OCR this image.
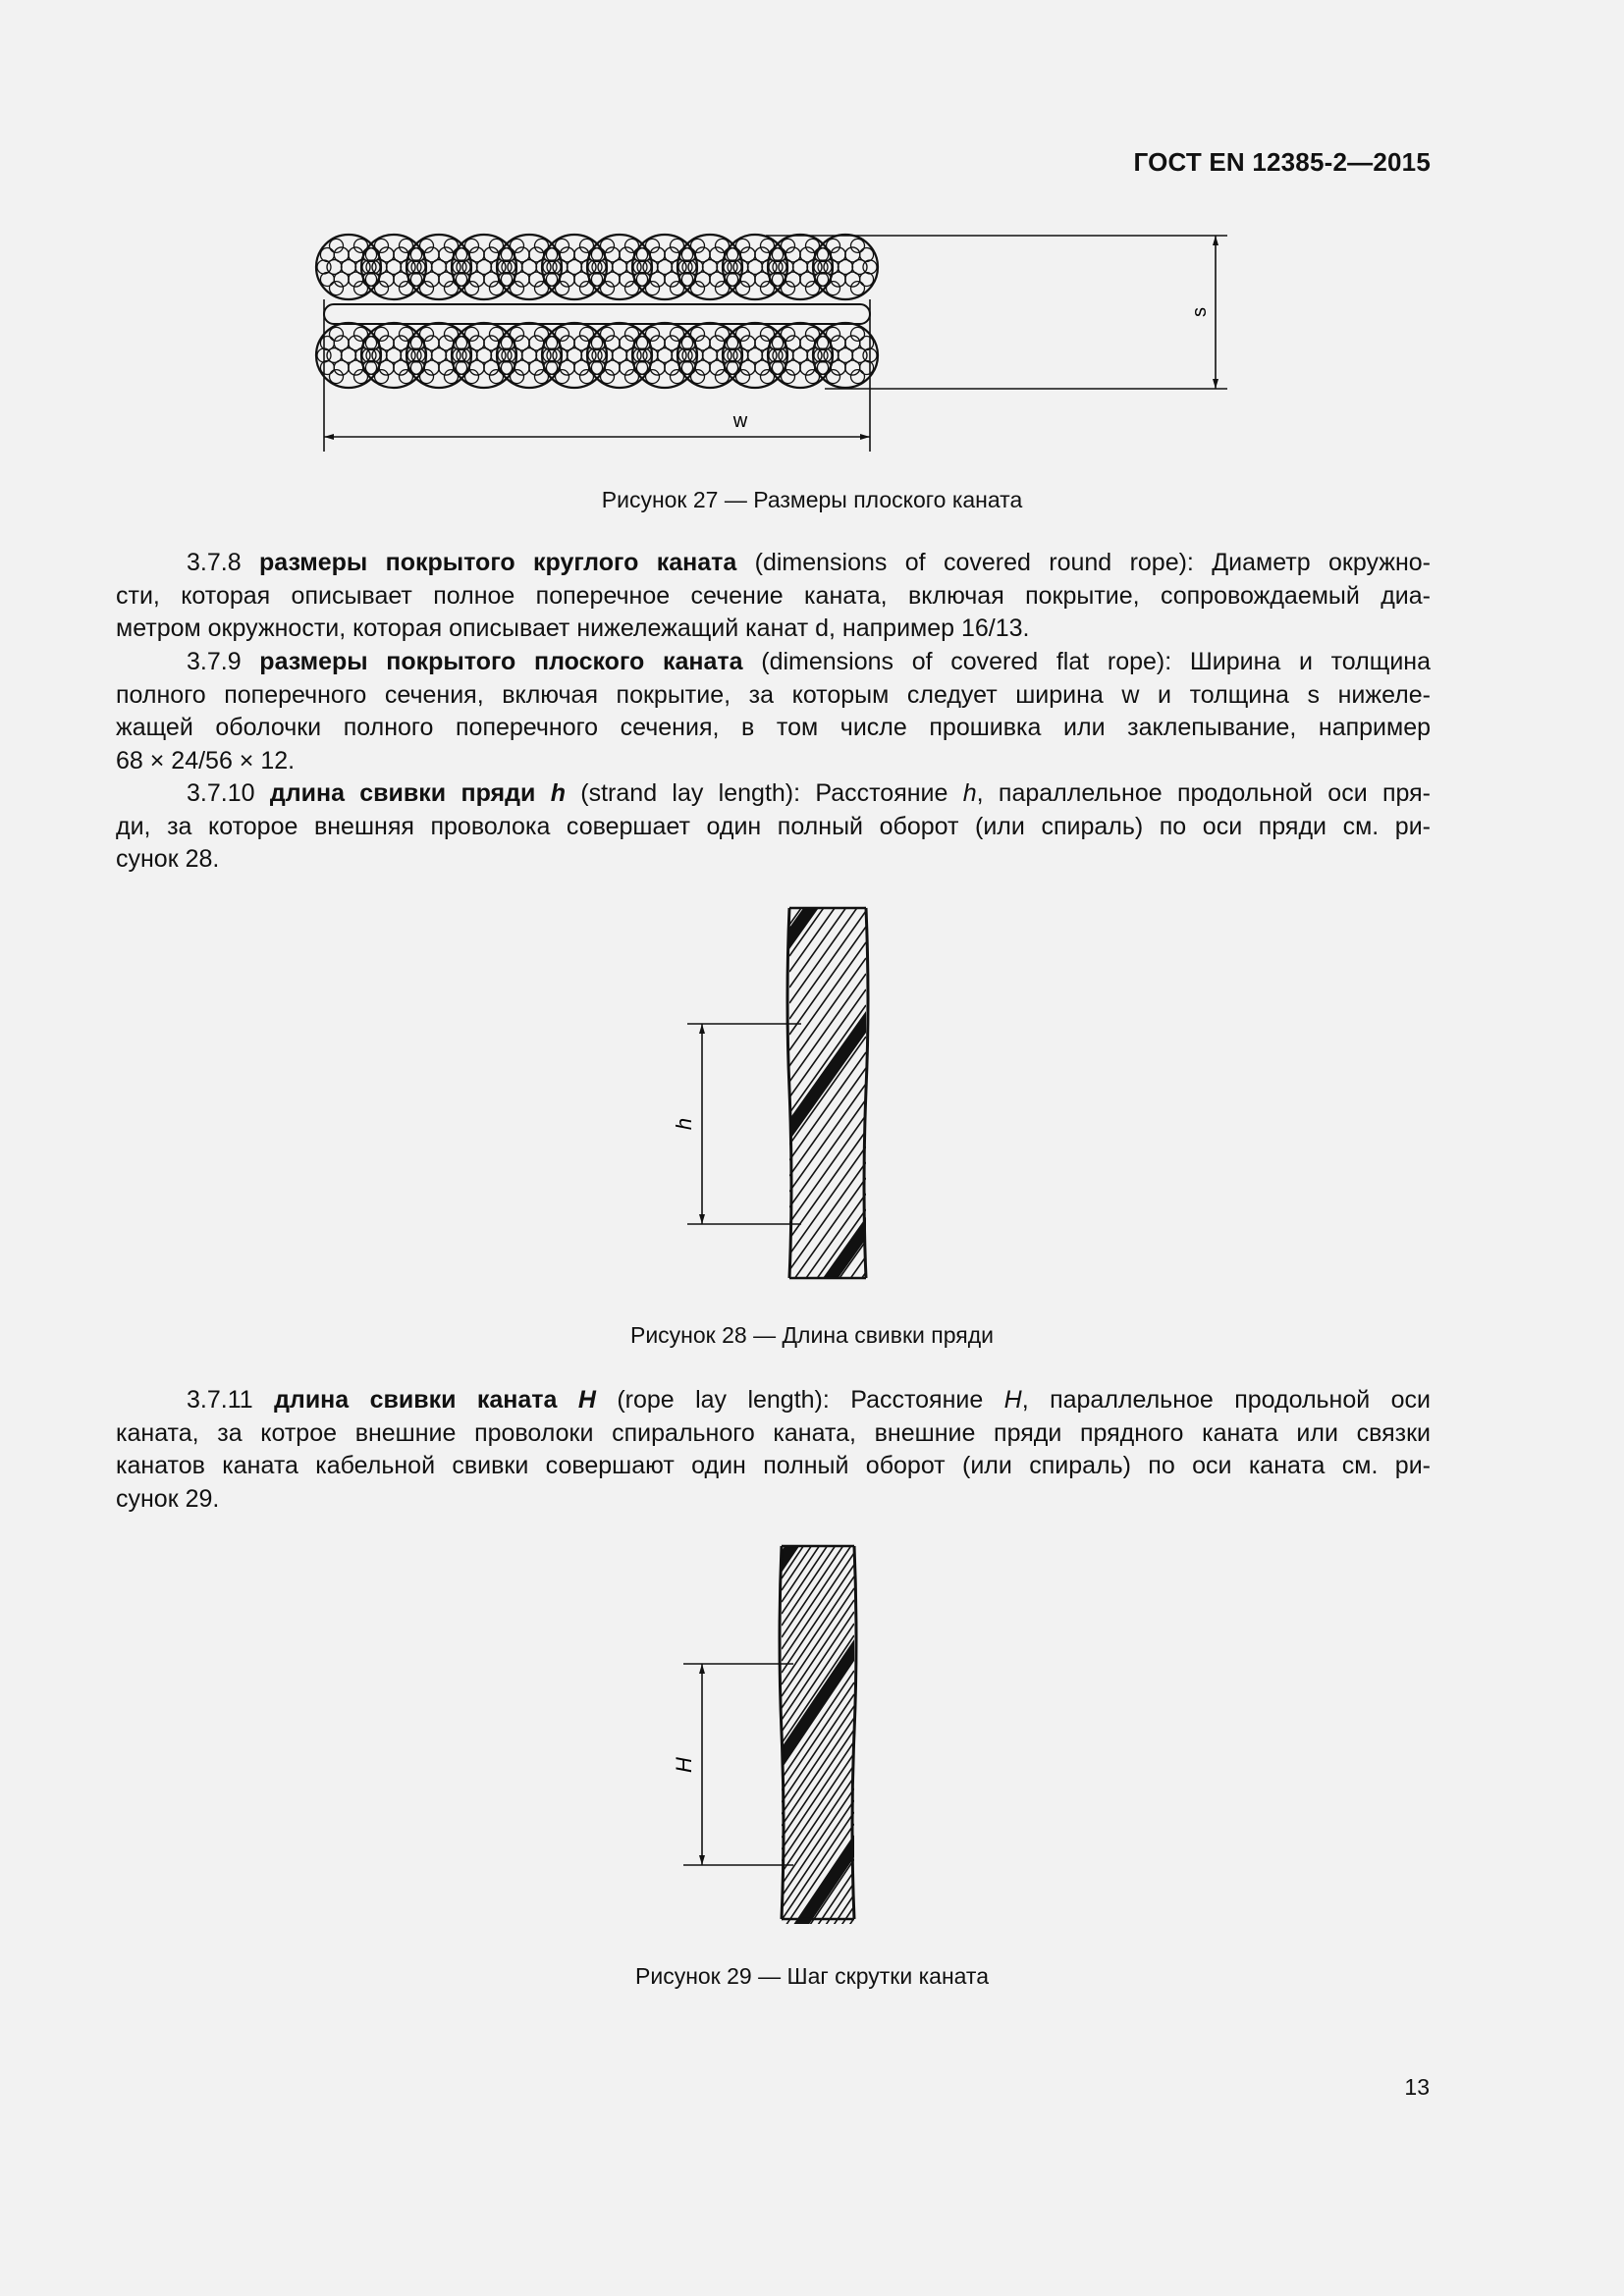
ГОСТ EN 12385-2—2015
w
s
Рисунок 27 — Размеры плоского каната
3.7.8 размеры покрытого круглого каната (dimensions of covered round rope): Диаметр окружно-
сти, которая описывает полное поперечное сечение каната, включая покрытие, сопровождаемый диа-
метром окружности, которая описывает нижележащий канат d, например 16/13.
3.7.9 размеры покрытого плоского каната (dimensions of covered flat rope): Ширина и толщина
полного поперечного сечения, включая покрытие, за которым следует ширина w и толщина s нижеле-
жащей оболочки полного поперечного сечения, в том числе прошивка или заклепывание, например
68 × 24/56 × 12.
3.7.10 длина свивки пряди h (strand lay length): Расстояние h, параллельное продольной оси пря-
ди, за которое внешняя проволока совершает один полный оборот (или спираль) по оси пряди см. ри-
сунок 28.
h
Рисунок 28 — Длина свивки пряди
3.7.11 длина свивки каната H (rope lay length): Расстояние H, параллельное продольной оси
каната, за котрое внешние проволоки спирального каната, внешние пряди прядного каната или связки
канатов каната кабельной свивки совершают один полный оборот (или спираль) по оси каната см. ри-
сунок 29.
H
Рисунок 29 — Шаг скрутки каната
13
